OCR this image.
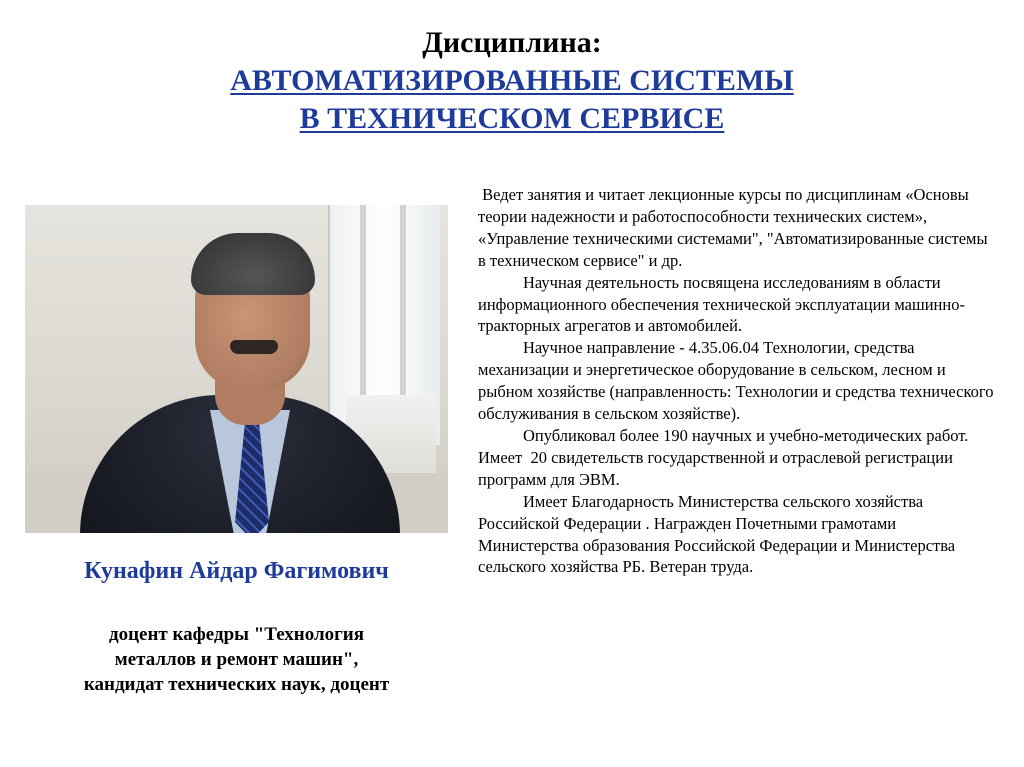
Дисциплина:
АВТОМАТИЗИРОВАННЫЕ СИСТЕМЫ
В ТЕХНИЧЕСКОМ СЕРВИСЕ
Кунафин Айдар Фагимович
доцент кафедры "Технология
металлов и ремонт машин",
кандидат технических наук, доцент

Ведет занятия и читает лекционные курсы по дисциплинам «Основы теории надежности и работоспособности технических систем», «Управление техническими системами", "Автоматизированные системы в техническом сервисе" и др.

Научная деятельность посвящена исследованиям в области информационного обеспечения технической эксплуатации машинно-тракторных агрегатов и автомобилей.

Научное направление - 4.35.06.04 Технологии, средства механизации и энергетическое оборудование в сельском, лесном и рыбном хозяйстве (направленность: Технологии и средства технического обслуживания в сельском хозяйстве).

Опубликовал более 190 научных и учебно-методических работ. Имеет  20 свидетельств государственной и отраслевой регистрации программ для ЭВМ.

Имеет Благодарность Министерства сельского хозяйства Российской Федерации . Награжден Почетными грамотами Министерства образования Российской Федерации и Министерства сельского хозяйства РБ. Ветеран труда.
